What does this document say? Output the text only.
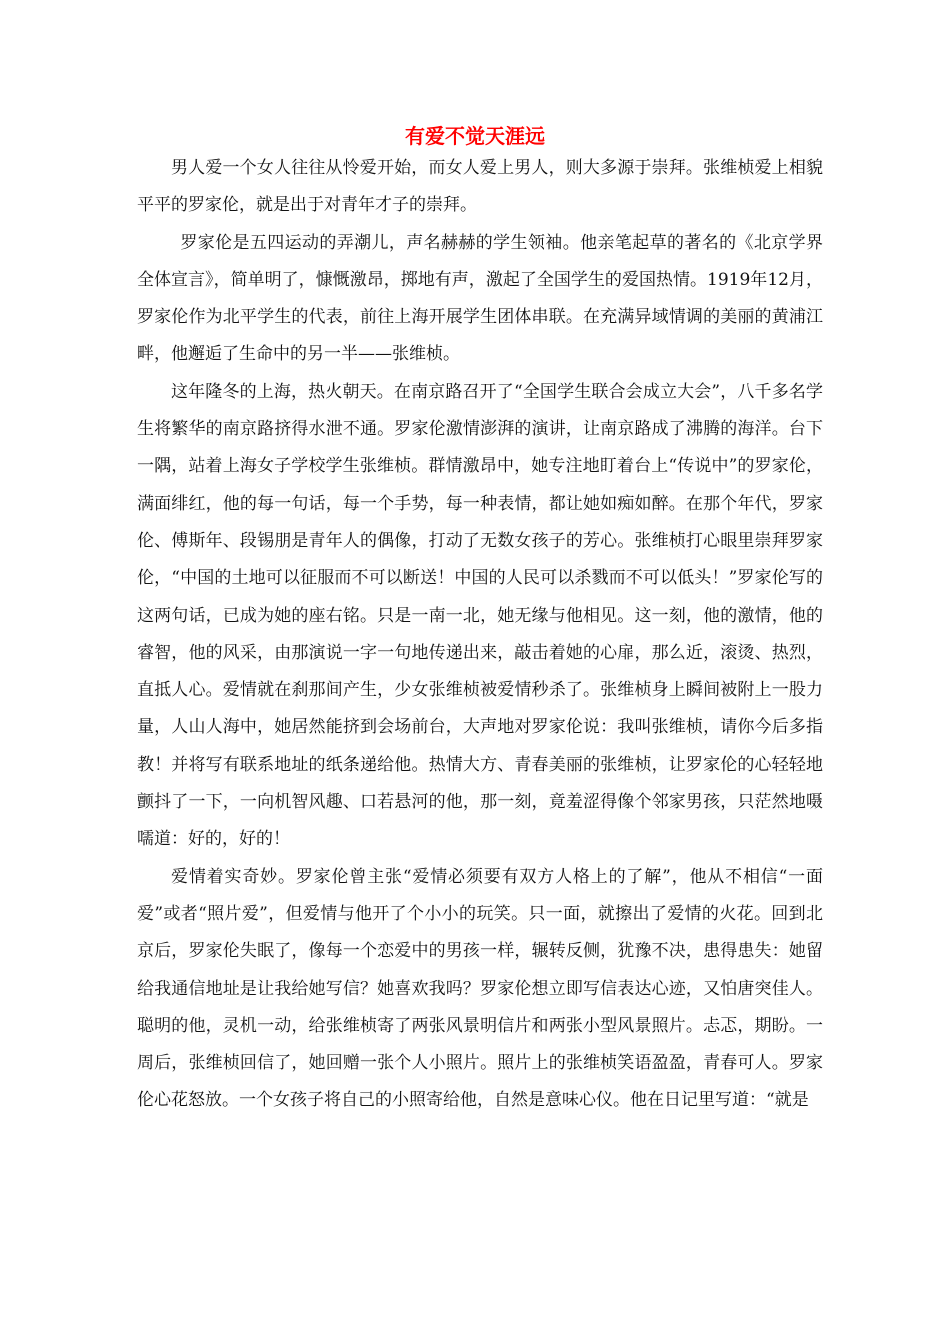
有爱不觉天涯远

男人爱一个女人往往从怜爱开始，而女人爱上男人，则大多源于崇拜。张维桢爱上相貌平平的罗家伦，就是出于对青年才子的崇拜。

罗家伦是五四运动的弄潮儿，声名赫赫的学生领袖。他亲笔起草的著名的《北京学界全体宣言》，简单明了，慷慨激昂，掷地有声，激起了全国学生的爱国热情。1919年12月，罗家伦作为北平学生的代表，前往上海开展学生团体串联。在充满异域情调的美丽的黄浦江畔，他邂逅了生命中的另一半——张维桢。

这年隆冬的上海，热火朝天。在南京路召开了“全国学生联合会成立大会”，八千多名学生将繁华的南京路挤得水泄不通。罗家伦激情澎湃的演讲，让南京路成了沸腾的海洋。台下一隅，站着上海女子学校学生张维桢。群情激昂中，她专注地盯着台上“传说中”的罗家伦，满面绯红，他的每一句话，每一个手势，每一种表情，都让她如痴如醉。在那个年代，罗家伦、傅斯年、段锡朋是青年人的偶像，打动了无数女孩子的芳心。张维桢打心眼里崇拜罗家伦，“中国的土地可以征服而不可以断送！中国的人民可以杀戮而不可以低头！”罗家伦写的这两句话，已成为她的座右铭。只是一南一北，她无缘与他相见。这一刻，他的激情，他的睿智，他的风采，由那演说一字一句地传递出来，敲击着她的心扉，那么近，滚烫、热烈，直抵人心。爱情就在刹那间产生，少女张维桢被爱情秒杀了。张维桢身上瞬间被附上一股力量，人山人海中，她居然能挤到会场前台，大声地对罗家伦说：我叫张维桢，请你今后多指教！并将写有联系地址的纸条递给他。热情大方、青春美丽的张维桢，让罗家伦的心轻轻地颤抖了一下，一向机智风趣、口若悬河的他，那一刻，竟羞涩得像个邻家男孩，只茫然地嗫嚅道：好的，好的！

爱情着实奇妙。罗家伦曾主张“爱情必须要有双方人格上的了解”，他从不相信“一面爱”或者“照片爱”，但爱情与他开了个小小的玩笑。只一面，就擦出了爱情的火花。回到北京后，罗家伦失眠了，像每一个恋爱中的男孩一样，辗转反侧，犹豫不决，患得患失：她留给我通信地址是让我给她写信？她喜欢我吗？罗家伦想立即写信表达心迹，又怕唐突佳人。聪明的他，灵机一动，给张维桢寄了两张风景明信片和两张小型风景照片。忐忑，期盼。一周后，张维桢回信了，她回赠一张个人小照片。照片上的张维桢笑语盈盈，青春可人。罗家伦心花怒放。一个女孩子将自己的小照寄给他，自然是意味心仪。他在日记里写道：“就是
